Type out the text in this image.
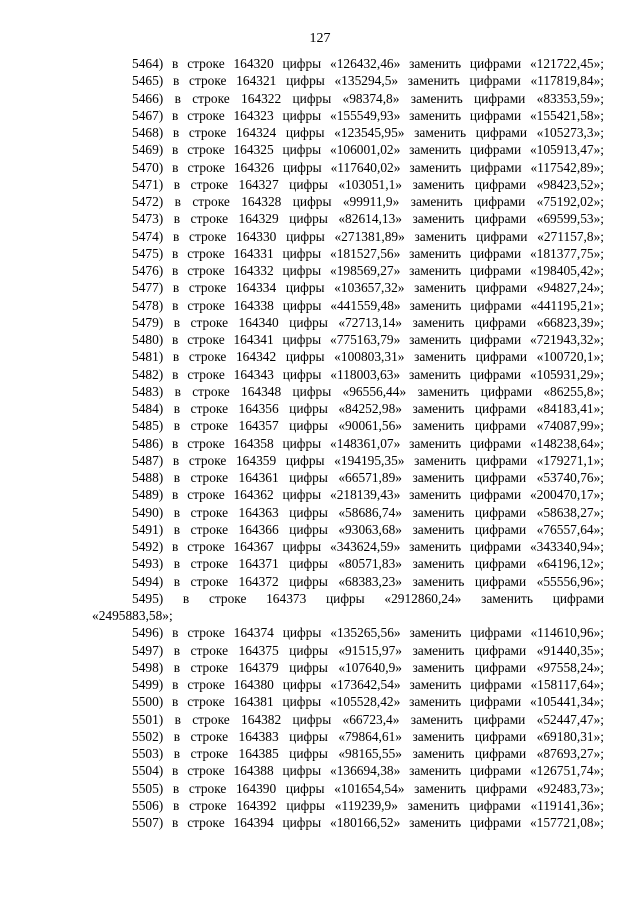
127
5464) в строке 164320 цифры «126432,46» заменить цифрами «121722,45»;
5465) в строке 164321 цифры «135294,5» заменить цифрами «117819,84»;
5466) в строке 164322 цифры «98374,8» заменить цифрами «83353,59»;
5467) в строке 164323 цифры «155549,93» заменить цифрами «155421,58»;
5468) в строке 164324 цифры «123545,95» заменить цифрами «105273,3»;
5469) в строке 164325 цифры «106001,02» заменить цифрами «105913,47»;
5470) в строке 164326 цифры «117640,02» заменить цифрами «117542,89»;
5471) в строке 164327 цифры «103051,1» заменить цифрами «98423,52»;
5472) в строке 164328 цифры «99911,9» заменить цифрами «75192,02»;
5473) в строке 164329 цифры «82614,13» заменить цифрами «69599,53»;
5474) в строке 164330 цифры «271381,89» заменить цифрами «271157,8»;
5475) в строке 164331 цифры «181527,56» заменить цифрами «181377,75»;
5476) в строке 164332 цифры «198569,27» заменить цифрами «198405,42»;
5477) в строке 164334 цифры «103657,32» заменить цифрами «94827,24»;
5478) в строке 164338 цифры «441559,48» заменить цифрами «441195,21»;
5479) в строке 164340 цифры «72713,14» заменить цифрами «66823,39»;
5480) в строке 164341 цифры «775163,79» заменить цифрами «721943,32»;
5481) в строке 164342 цифры «100803,31» заменить цифрами «100720,1»;
5482) в строке 164343 цифры «118003,63» заменить цифрами «105931,29»;
5483) в строке 164348 цифры «96556,44» заменить цифрами «86255,8»;
5484) в строке 164356 цифры «84252,98» заменить цифрами «84183,41»;
5485) в строке 164357 цифры «90061,56» заменить цифрами «74087,99»;
5486) в строке 164358 цифры «148361,07» заменить цифрами «148238,64»;
5487) в строке 164359 цифры «194195,35» заменить цифрами «179271,1»;
5488) в строке 164361 цифры «66571,89» заменить цифрами «53740,76»;
5489) в строке 164362 цифры «218139,43» заменить цифрами «200470,17»;
5490) в строке 164363 цифры «58686,74» заменить цифрами «58638,27»;
5491) в строке 164366 цифры «93063,68» заменить цифрами «76557,64»;
5492) в строке 164367 цифры «343624,59» заменить цифрами «343340,94»;
5493) в строке 164371 цифры «80571,83» заменить цифрами «64196,12»;
5494) в строке 164372 цифры «68383,23» заменить цифрами «55556,96»;
5495) в строке 164373 цифры «2912860,24» заменить цифрами
«2495883,58»;
5496) в строке 164374 цифры «135265,56» заменить цифрами «114610,96»;
5497) в строке 164375 цифры «91515,97» заменить цифрами «91440,35»;
5498) в строке 164379 цифры «107640,9» заменить цифрами «97558,24»;
5499) в строке 164380 цифры «173642,54» заменить цифрами «158117,64»;
5500) в строке 164381 цифры «105528,42» заменить цифрами «105441,34»;
5501) в строке 164382 цифры «66723,4» заменить цифрами «52447,47»;
5502) в строке 164383 цифры «79864,61» заменить цифрами «69180,31»;
5503) в строке 164385 цифры «98165,55» заменить цифрами «87693,27»;
5504) в строке 164388 цифры «136694,38» заменить цифрами «126751,74»;
5505) в строке 164390 цифры «101654,54» заменить цифрами «92483,73»;
5506) в строке 164392 цифры «119239,9» заменить цифрами «119141,36»;
5507) в строке 164394 цифры «180166,52» заменить цифрами «157721,08»;
